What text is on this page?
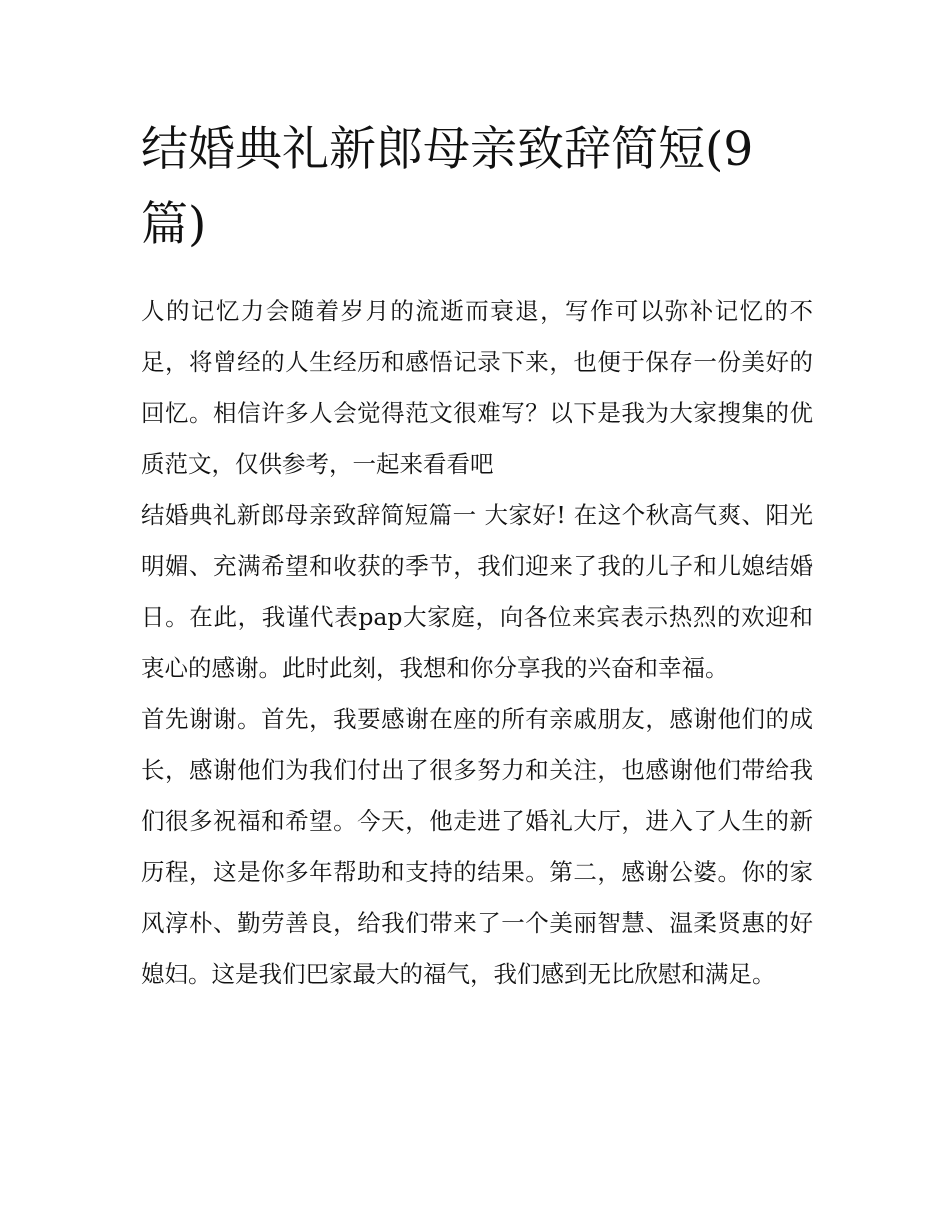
结婚典礼新郎母亲致辞简短(9篇)

人的记忆力会随着岁月的流逝而衰退，写作可以弥补记忆的不足，将曾经的人生经历和感悟记录下来，也便于保存一份美好的回忆。相信许多人会觉得范文很难写？以下是我为大家搜集的优质范文，仅供参考，一起来看看吧

结婚典礼新郎母亲致辞简短篇一 大家好! 在这个秋高气爽、阳光明媚、充满希望和收获的季节，我们迎来了我的儿子和儿媳结婚日。在此，我谨代表pap大家庭，向各位来宾表示热烈的欢迎和衷心的感谢。此时此刻，我想和你分享我的兴奋和幸福。

首先谢谢。首先，我要感谢在座的所有亲戚朋友，感谢他们的成长，感谢他们为我们付出了很多努力和关注，也感谢他们带给我们很多祝福和希望。今天，他走进了婚礼大厅，进入了人生的新历程，这是你多年帮助和支持的结果。第二，感谢公婆。你的家风淳朴、勤劳善良，给我们带来了一个美丽智慧、温柔贤惠的好媳妇。这是我们巴家最大的福气，我们感到无比欣慰和满足。
